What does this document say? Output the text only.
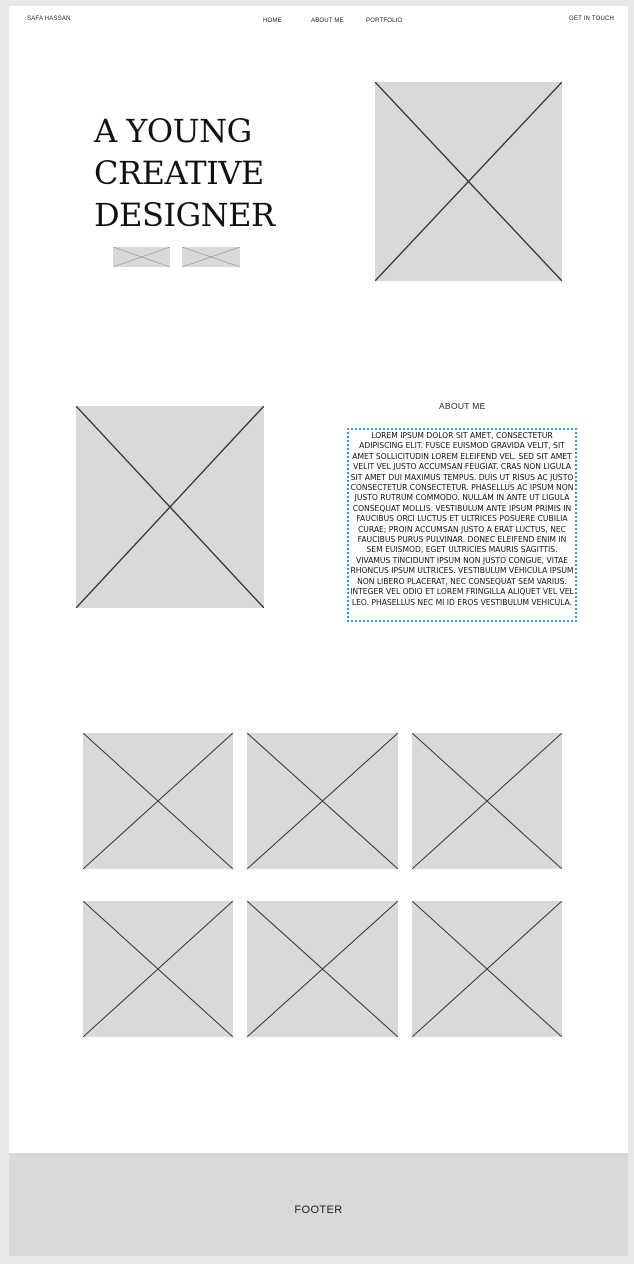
SAFA HASSAN	HOME	ABOUT ME	PORTFOLIO	GET IN TOUCH
A YOUNG
CREATIVE
DESIGNER
ABOUT ME
LOREM IPSUM DOLOR SIT AMET, CONSECTETUR ADIPISCING ELIT. FUSCE EUISMOD GRAVIDA VELIT, SIT AMET SOLLICITUDIN LOREM ELEIFEND VEL. SED SIT AMET VELIT VEL JUSTO ACCUMSAN FEUGIAT. CRAS NON LIGULA SIT AMET DUI MAXIMUS TEMPUS. DUIS UT RISUS AC JUSTO CONSECTETUR CONSECTETUR. PHASELLUS AC IPSUM NON JUSTO RUTRUM COMMODO. NULLAM IN ANTE UT LIGULA CONSEQUAT MOLLIS. VESTIBULUM ANTE IPSUM PRIMIS IN FAUCIBUS ORCI LUCTUS ET ULTRICES POSUERE CUBILIA CURAE; PROIN ACCUMSAN JUSTO A ERAT LUCTUS, NEC FAUCIBUS PURUS PULVINAR. DONEC ELEIFEND ENIM IN SEM EUISMOD, EGET ULTRICIES MAURIS SAGITTIS. VIVAMUS TINCIDUNT IPSUM NON JUSTO CONGUE, VITAE RHONCUS IPSUM ULTRICES. VESTIBULUM VEHICULA IPSUM NON LIBERO PLACERAT, NEC CONSEQUAT SEM VARIUS. INTEGER VEL ODIO ET LOREM FRINGILLA ALIQUET VEL VEL LEO. PHASELLUS NEC MI ID EROS VESTIBULUM VEHICULA.
FOOTER
